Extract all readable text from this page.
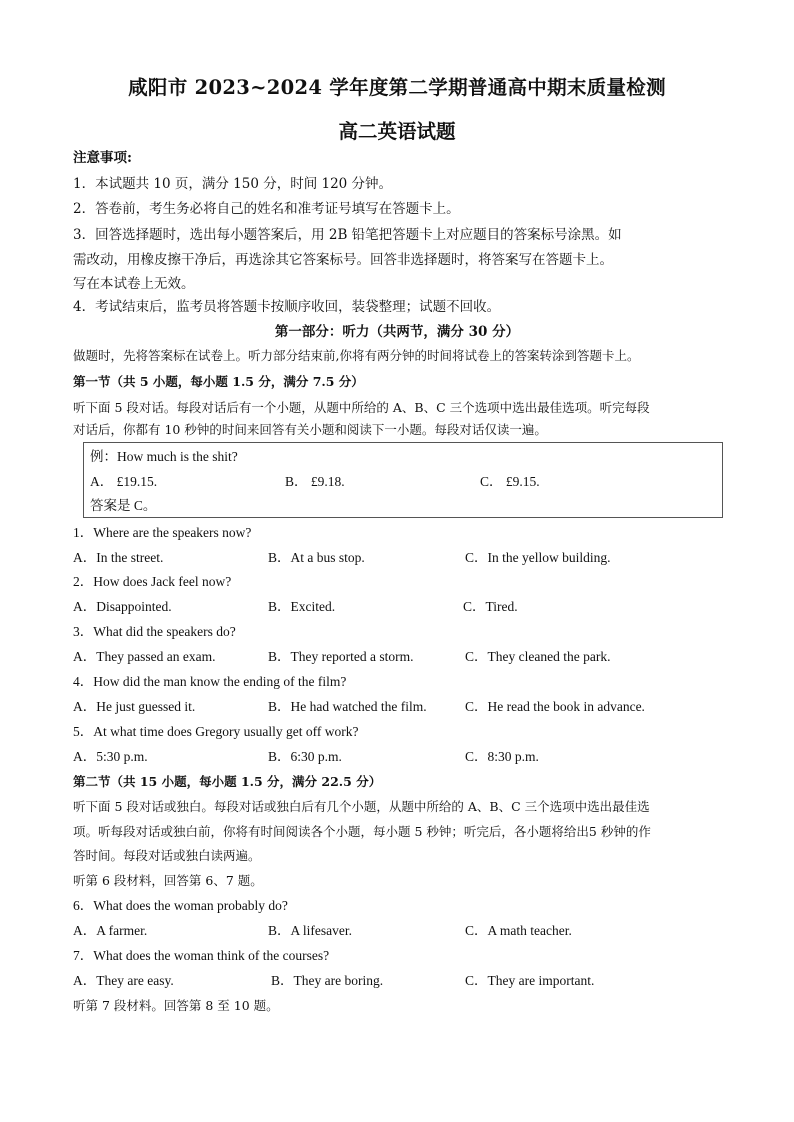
咸阳市 2023~2024 学年度第二学期普通高中期末质量检测
高二英语试题
注意事项:
1．本试题共 10 页，满分 150 分，时间 120 分钟。
2．答卷前，考生务必将自己的姓名和准考证号填写在答题卡上。
3．回答选择题时，选出每小题答案后，用 2B 铅笔把答题卡上对应题目的答案标号涂黑。如
需改动，用橡皮擦干净后，再选涂其它答案标号。回答非选择题时，将答案写在答题卡上。
写在本试卷上无效。
4．考试结束后，监考员将答题卡按顺序收回，装袋整理；试题不回收。
第一部分：听力（共两节，满分 30 分）
做题时，先将答案标在试卷上。听力部分结束前,你将有两分钟的时间将试卷上的答案转涂到答题卡上。
第一节（共 5 小题，每小题 1.5 分，满分 7.5 分）
听下面 5 段对话。每段对话后有一个小题，从题中所给的 A、B、C 三个选项中选出最佳选项。听完每段
对话后，你都有 10 秒钟的时间来回答有关小题和阅读下一小题。每段对话仅读一遍。
例：How much is the shit?
A． £19.15.	B． £9.18.	C． £9.15.
答案是 C。
1．Where are the speakers now?
A．In the street.	B．At a bus stop.	C．In the yellow building.
2．How does Jack feel now?
A．Disappointed.	B．Excited.	C．Tired.
3．What did the speakers do?
A．They passed an exam.	B．They reported a storm.	C．They cleaned the park.
4．How did the man know the ending of the film?
A．He just guessed it.	B．He had watched the film.	C．He read the book in advance.
5．At what time does Gregory usually get off work?
A．5:30 p.m.	B．6:30 p.m.	C．8:30 p.m.
第二节（共 15 小题，每小题 1.5 分，满分 22.5 分）
听下面 5 段对话或独白。每段对话或独白后有几个小题，从题中所给的 A、B、C 三个选项中选出最佳选
项。听每段对话或独白前，你将有时间阅读各个小题，每小题 5 秒钟；听完后，各小题将给出5 秒钟的作
答时间。每段对话或独白读两遍。
听第 6 段材料，回答第 6、7 题。
6．What does the woman probably do?
A．A farmer.	B．A lifesaver.	C．A math teacher.
7．What does the woman think of the courses?
A．They are easy.	B．They are boring.	C．They are important.
听第 7 段材料。回答第 8 至 10 题。
